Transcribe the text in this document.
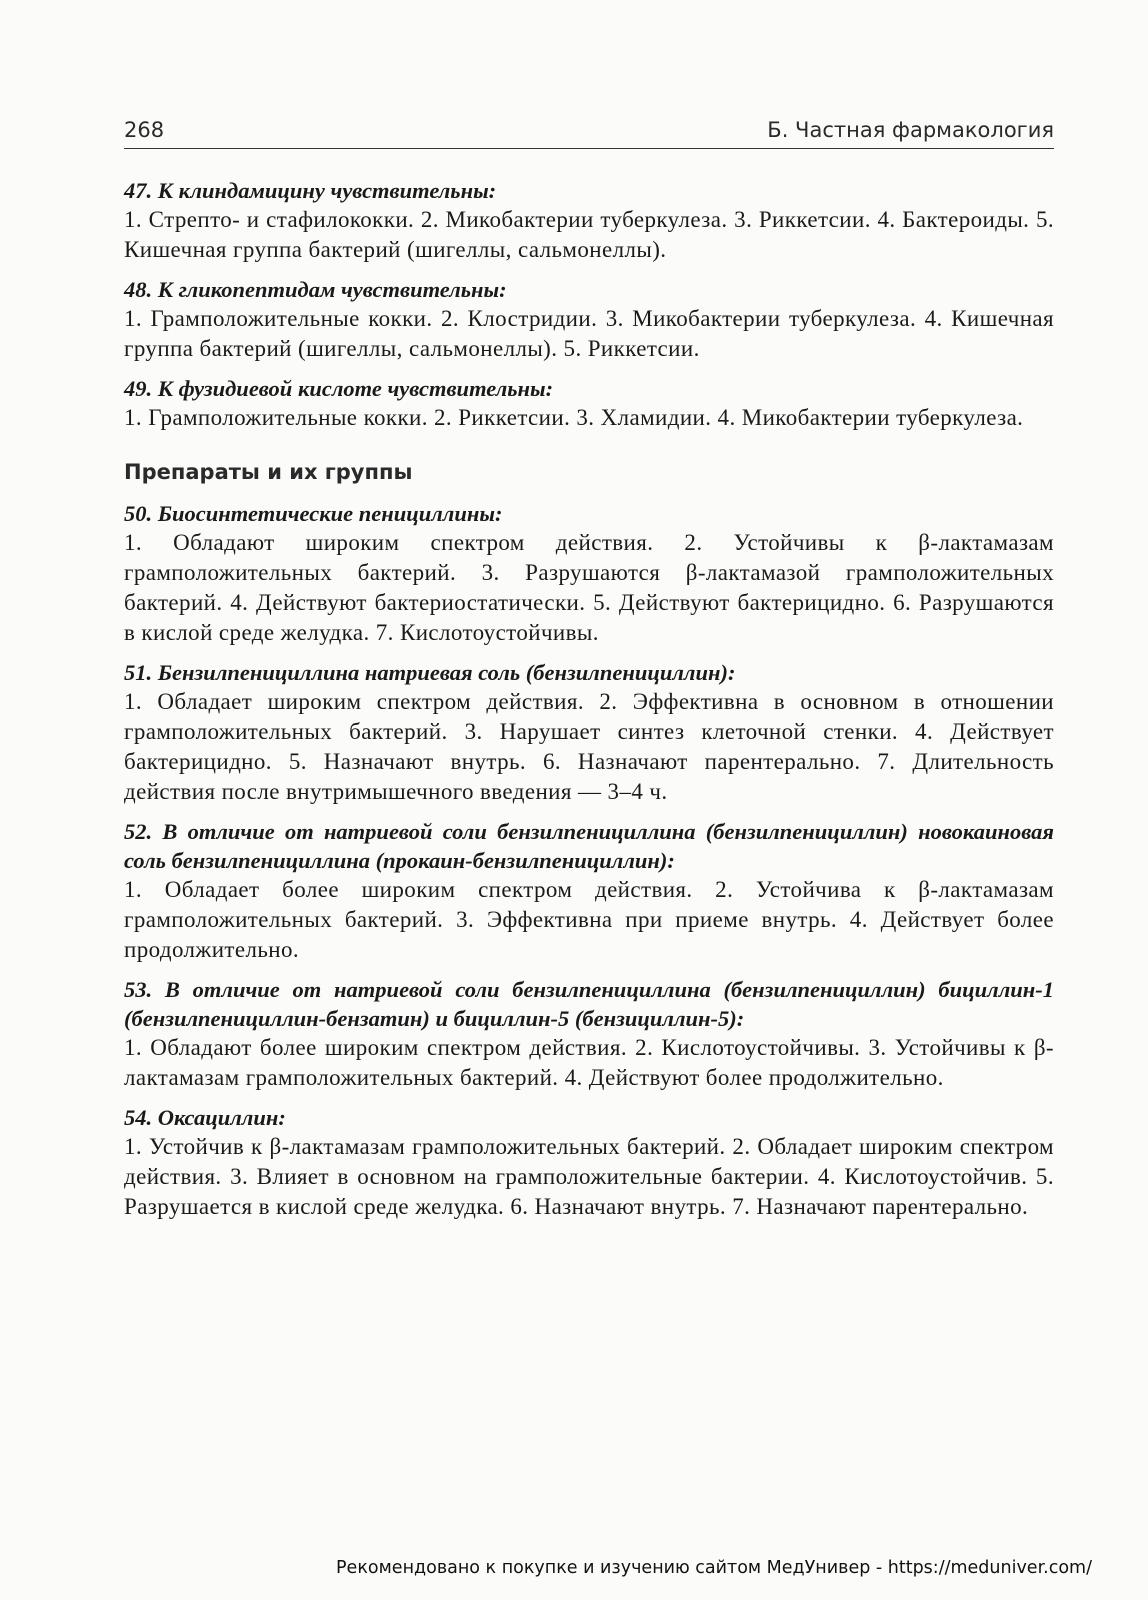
268	Б. Частная фармакология
47. К клиндамицину чувствительны:
1. Стрепто- и стафилококки. 2. Микобактерии туберкулеза. 3. Риккетсии. 4. Бактероиды. 5. Кишечная группа бактерий (шигеллы, сальмонеллы).
48. К гликопептидам чувствительны:
1. Грамположительные кокки. 2. Клостридии. 3. Микобактерии туберкулеза. 4. Кишечная группа бактерий (шигеллы, сальмонеллы). 5. Риккетсии.
49. К фузидиевой кислоте чувствительны:
1. Грамположительные кокки. 2. Риккетсии. 3. Хламидии. 4. Микобактерии туберкулеза.
Препараты и их группы
50. Биосинтетические пенициллины:
1. Обладают широким спектром действия. 2. Устойчивы к β-лактамазам грамположительных бактерий. 3. Разрушаются β-лактамазой грамположительных бактерий. 4. Действуют бактериостатически. 5. Действуют бактерицидно. 6. Разрушаются в кислой среде желудка. 7. Кислотоустойчивы.
51. Бензилпенициллина натриевая соль (бензилпенициллин):
1. Обладает широким спектром действия. 2. Эффективна в основном в отношении грамположительных бактерий. 3. Нарушает синтез клеточной стенки. 4. Действует бактерицидно. 5. Назначают внутрь. 6. Назначают парентерально. 7. Длительность действия после внутримышечного введения — 3–4 ч.
52. В отличие от натриевой соли бензилпенициллина (бензилпенициллин) новокаиновая соль бензилпенициллина (прокаин-бензилпенициллин):
1. Обладает более широким спектром действия. 2. Устойчива к β-лактамазам грамположительных бактерий. 3. Эффективна при приеме внутрь. 4. Действует более продолжительно.
53. В отличие от натриевой соли бензилпенициллина (бензилпенициллин) бициллин-1 (бензилпенициллин-бензатин) и бициллин-5 (бензициллин-5):
1. Обладают более широким спектром действия. 2. Кислотоустойчивы. 3. Устойчивы к β-лактамазам грамположительных бактерий. 4. Действуют более продолжительно.
54. Оксациллин:
1. Устойчив к β-лактамазам грамположительных бактерий. 2. Обладает широким спектром действия. 3. Влияет в основном на грамположительные бактерии. 4. Кислотоустойчив. 5. Разрушается в кислой среде желудка. 6. Назначают внутрь. 7. Назначают парентерально.
Рекомендовано к покупке и изучению сайтом МедУнивер - https://meduniver.com/
